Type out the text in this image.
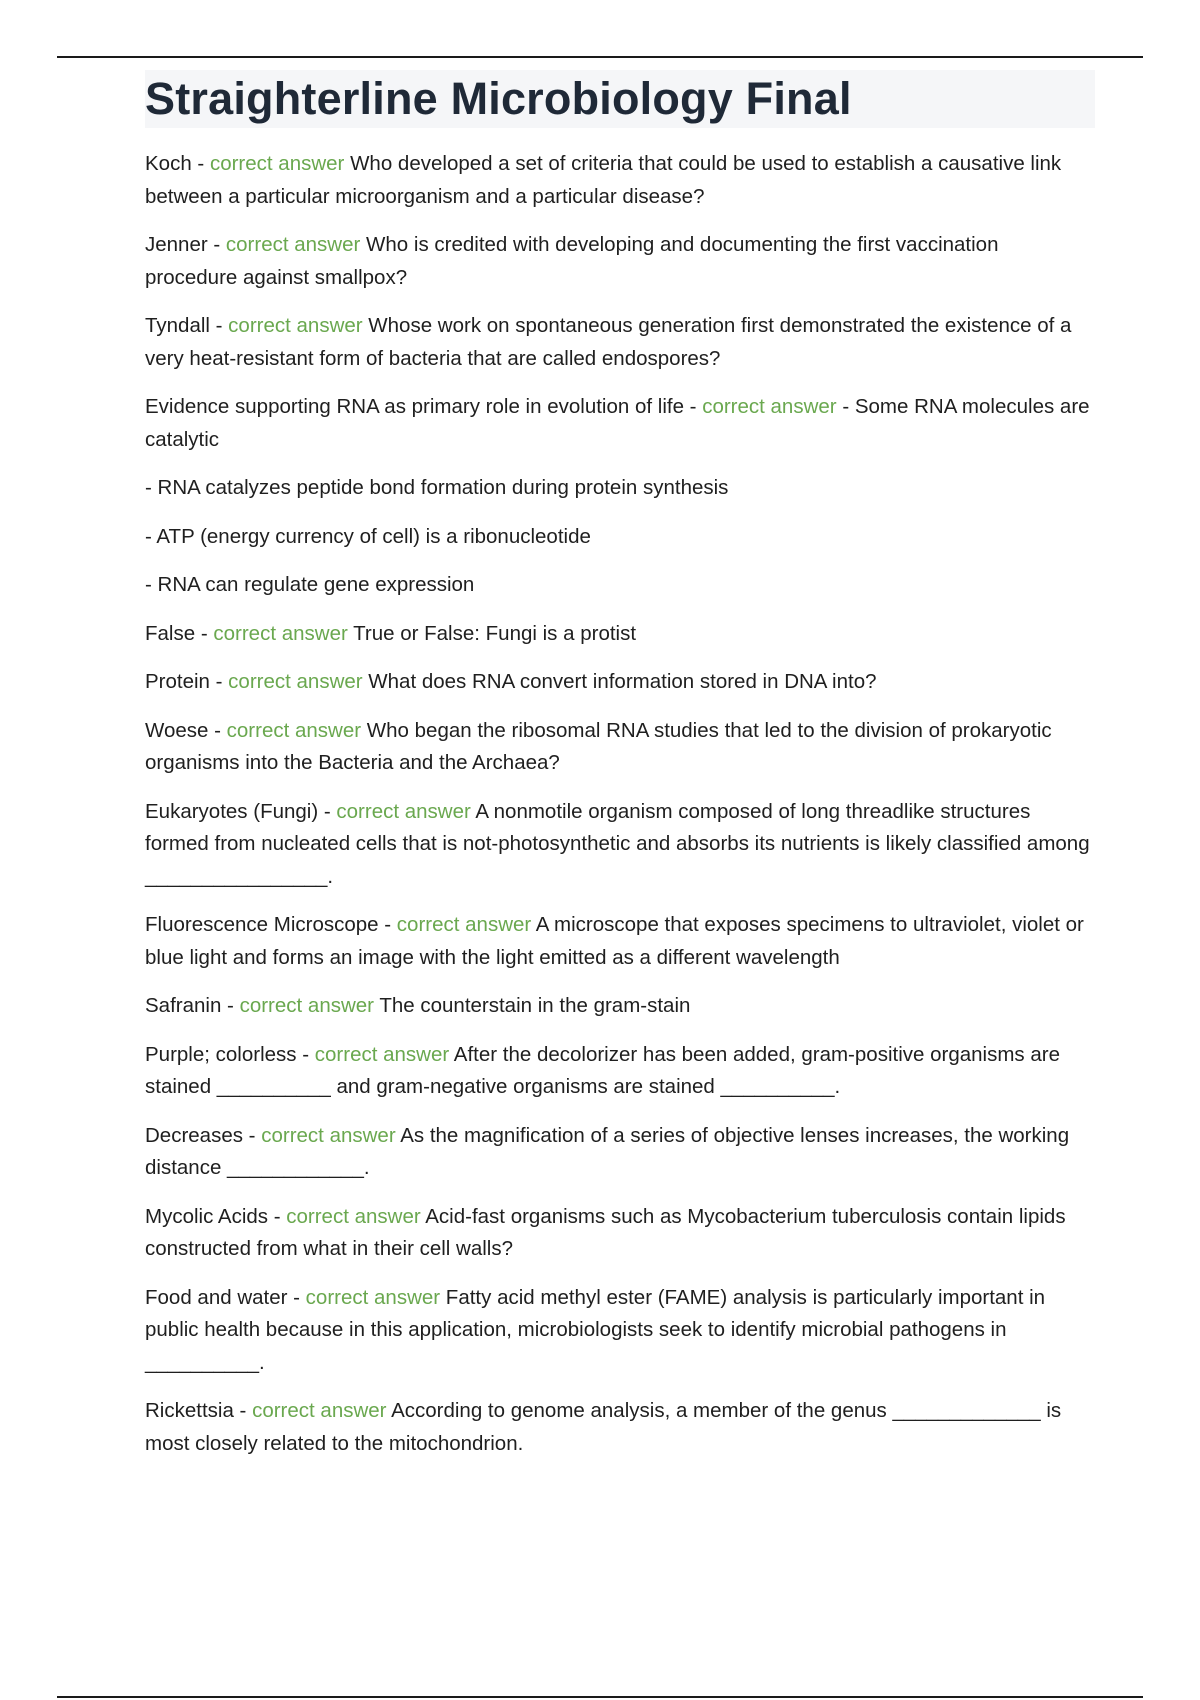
Straighterline Microbiology Final

Koch - correct answer Who developed a set of criteria that could be used to establish a causative link between a particular microorganism and a particular disease?

Jenner - correct answer Who is credited with developing and documenting the first vaccination procedure against smallpox?

Tyndall - correct answer Whose work on spontaneous generation first demonstrated the existence of a very heat-resistant form of bacteria that are called endospores?

Evidence supporting RNA as primary role in evolution of life - correct answer - Some RNA molecules are catalytic

- RNA catalyzes peptide bond formation during protein synthesis

- ATP (energy currency of cell) is a ribonucleotide

- RNA can regulate gene expression

False - correct answer True or False: Fungi is a protist

Protein - correct answer What does RNA convert information stored in DNA into?

Woese - correct answer Who began the ribosomal RNA studies that led to the division of prokaryotic organisms into the Bacteria and the Archaea?

Eukaryotes (Fungi) - correct answer A nonmotile organism composed of long threadlike structures formed from nucleated cells that is not-photosynthetic and absorbs its nutrients is likely classified among ________________.

Fluorescence Microscope - correct answer A microscope that exposes specimens to ultraviolet, violet or blue light and forms an image with the light emitted as a different wavelength

Safranin - correct answer The counterstain in the gram-stain

Purple; colorless - correct answer After the decolorizer has been added, gram-positive organisms are stained __________ and gram-negative organisms are stained __________.

Decreases - correct answer As the magnification of a series of objective lenses increases, the working distance ____________.

Mycolic Acids - correct answer Acid-fast organisms such as Mycobacterium tuberculosis contain lipids constructed from what in their cell walls?

Food and water - correct answer Fatty acid methyl ester (FAME) analysis is particularly important in public health because in this application, microbiologists seek to identify microbial pathogens in __________.

Rickettsia - correct answer According to genome analysis, a member of the genus _____________ is most closely related to the mitochondrion.
